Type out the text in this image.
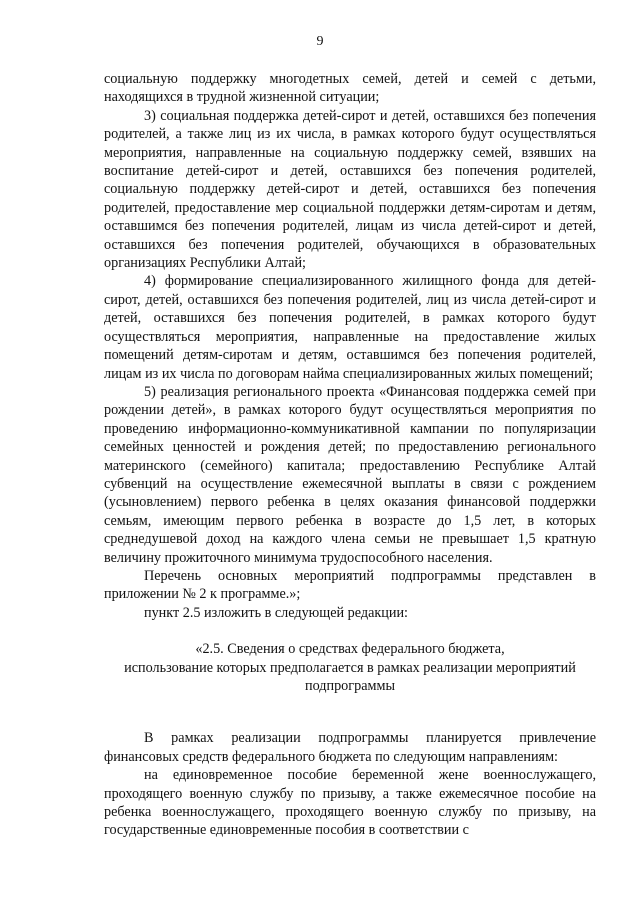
9

социальную поддержку многодетных семей, детей и семей с детьми, находящихся в трудной жизненной ситуации;

3) социальная поддержка детей-сирот и детей, оставшихся без попечения родителей, а также лиц из их числа, в рамках которого будут осуществляться мероприятия, направленные на социальную поддержку семей, взявших на воспитание детей-сирот и детей, оставшихся без попечения родителей, социальную поддержку детей-сирот и детей, оставшихся без попечения родителей, предоставление мер социальной поддержки детям-сиротам и детям, оставшимся без попечения родителей, лицам из числа детей-сирот и детей, оставшихся без попечения родителей, обучающихся в образовательных организациях Республики Алтай;

4) формирование специализированного жилищного фонда для детей-сирот, детей, оставшихся без попечения родителей, лиц из числа детей-сирот и детей, оставшихся без попечения родителей, в рамках которого будут осуществляться мероприятия, направленные на предоставление жилых помещений детям-сиротам и детям, оставшимся без попечения родителей, лицам из их числа по договорам найма специализированных жилых помещений;

5) реализация регионального проекта «Финансовая поддержка семей при рождении детей», в рамках которого будут осуществляться мероприятия по проведению информационно-коммуникативной кампании по популяризации семейных ценностей и рождения детей; по предоставлению регионального материнского (семейного) капитала; предоставлению Республике Алтай субвенций на осуществление ежемесячной выплаты в связи с рождением (усыновлением) первого ребенка в целях оказания финансовой поддержки семьям, имеющим первого ребенка в возрасте до 1,5 лет, в которых среднедушевой доход на каждого члена семьи не превышает 1,5 кратную величину прожиточного минимума трудоспособного населения.

Перечень основных мероприятий подпрограммы представлен в приложении № 2 к программе.»;

пункт 2.5 изложить в следующей редакции:

«2.5. Сведения о средствах федерального бюджета,
использование которых предполагается в рамках реализации мероприятий
подпрограммы

В рамках реализации подпрограммы планируется привлечение финансовых средств федерального бюджета по следующим направлениям:

на единовременное пособие беременной жене военнослужащего, проходящего военную службу по призыву, а также ежемесячное пособие на ребенка военнослужащего, проходящего военную службу по призыву, на государственные единовременные пособия в соответствии с
